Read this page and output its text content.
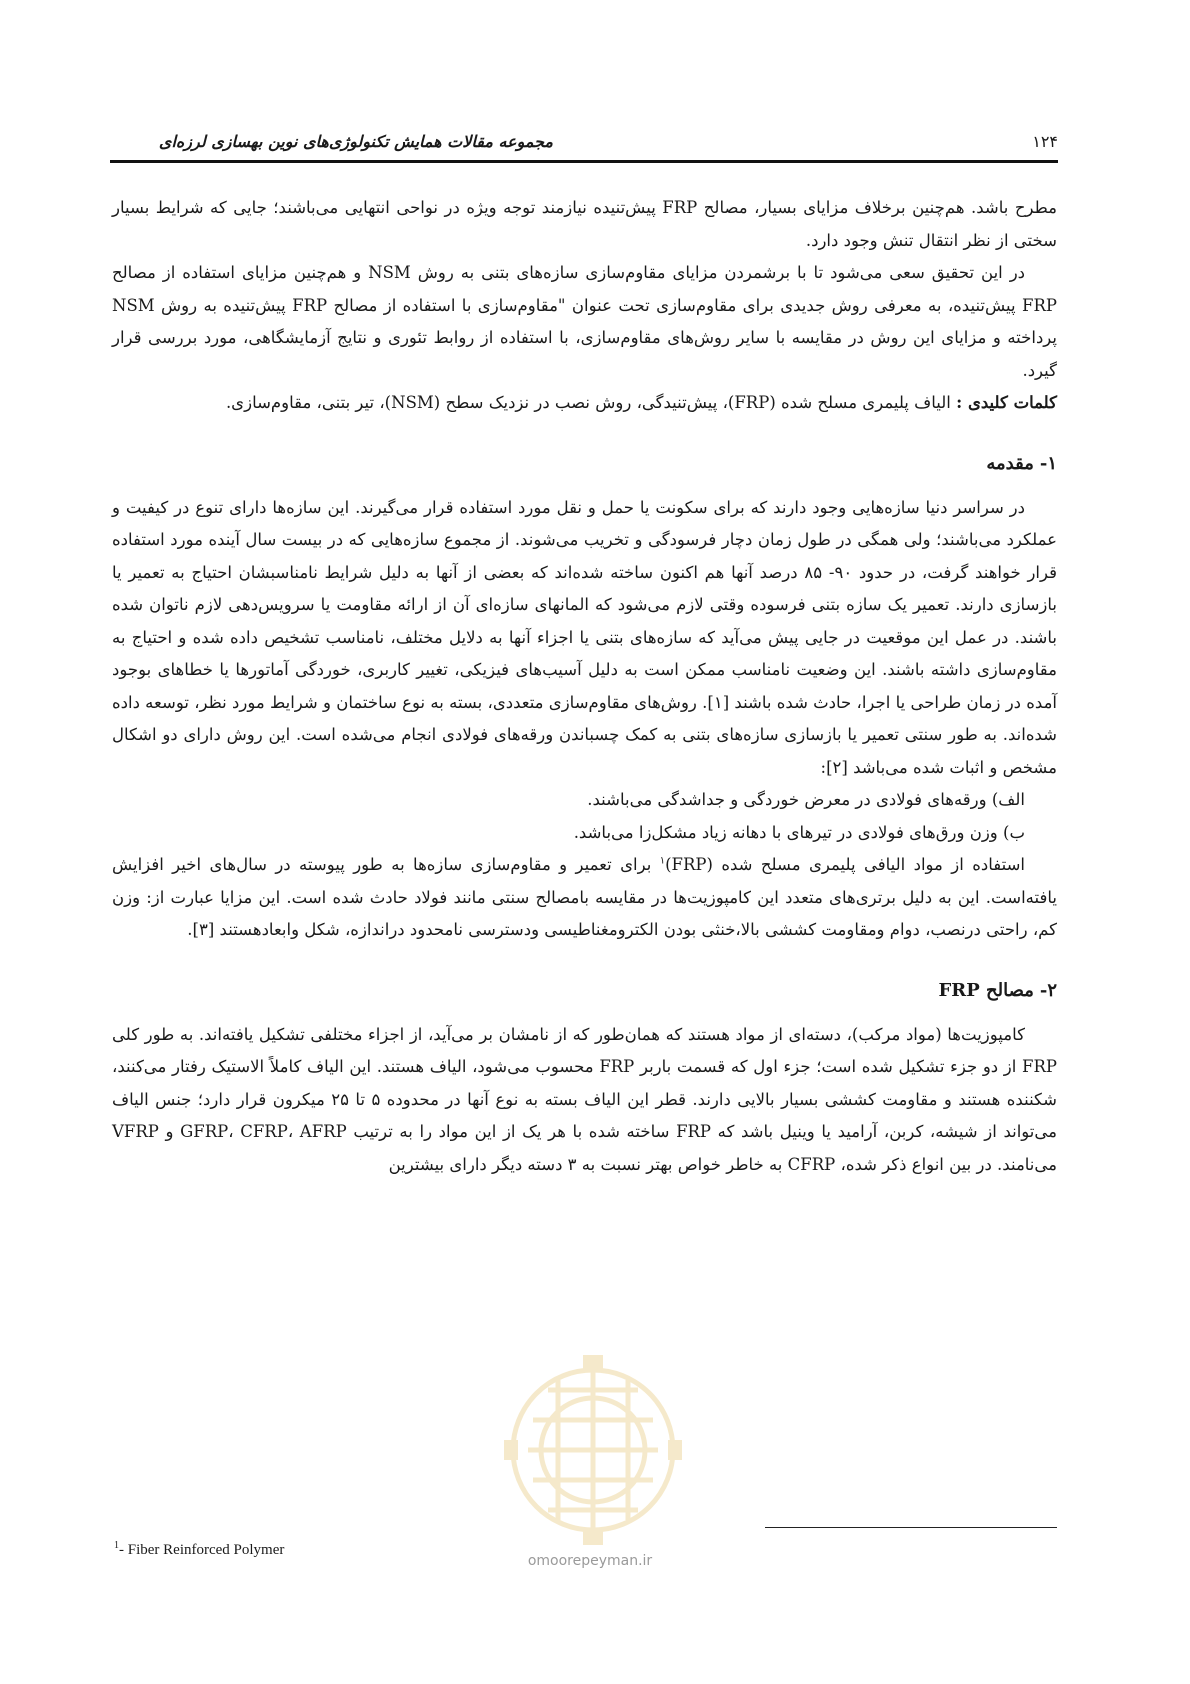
۱۲۴
مجموعه مقالات همایش تکنولوژی‌های نوین بهسازی لرزه‌ای

مطرح باشد. هم‌چنین برخلاف مزایای بسیار، مصالح FRP پیش‌تنیده نیازمند توجه ویژه در نواحی انتهایی می‌باشند؛ جایی که شرایط بسیار سختی از نظر انتقال تنش وجود دارد.

در این تحقیق سعی می‌شود تا با برشمردن مزایای مقاوم‌سازی سازه‌های بتنی به روش NSM و هم‌چنین مزایای استفاده از مصالح FRP پیش‌تنیده، به معرفی روش جدیدی برای مقاوم‌سازی تحت عنوان "مقاوم‌سازی با استفاده از مصالح FRP پیش‌تنیده به روش NSM پرداخته و مزایای این روش در مقایسه با سایر روش‌های مقاوم‌سازی، با استفاده از روابط تئوری و نتایج آزمایشگاهی، مورد بررسی قرار گیرد.

کلمات کلیدی : الیاف پلیمری مسلح شده (FRP)، پیش‌تنیدگی، روش نصب در نزدیک سطح (NSM)، تیر بتنی، مقاوم‌سازی.

۱-مقدمه

در سراسر دنیا سازه‌هایی وجود دارند که برای سکونت یا حمل و نقل مورد استفاده قرار می‌گیرند. این سازه‌ها دارای تنوع در کیفیت و عملکرد می‌باشند؛ ولی همگی در طول زمان دچار فرسودگی و تخریب می‌شوند. از مجموع سازه‌هایی که در بیست سال آینده مورد استفاده قرار خواهند گرفت، در حدود ۹۰- ۸۵ درصد آنها هم اکنون ساخته شده‌اند که بعضی از آنها به دلیل شرایط نامناسبشان احتیاج به تعمیر یا بازسازی دارند. تعمیر یک سازه بتنی فرسوده وقتی لازم می‌شود که المانهای سازه‌ای آن از ارائه مقاومت یا سرویس‌دهی لازم ناتوان شده باشند. در عمل این موقعیت در جایی پیش می‌آید که سازه‌های بتنی یا اجزاء آنها به دلایل مختلف، نامناسب تشخیص داده شده و احتیاج به مقاوم‌سازی داشته باشند. این وضعیت نامناسب ممکن است به دلیل آسیب‌های فیزیکی، تغییر کاربری، خوردگی آماتورها یا خطاهای بوجود آمده در زمان طراحی یا اجرا، حادث شده باشند [۱]. روش‌های مقاوم‌سازی متعددی، بسته به نوع ساختمان و شرایط مورد نظر، توسعه داده شده‌اند. به طور سنتی تعمیر یا بازسازی سازه‌های بتنی به کمک چسباندن ورقه‌های فولادی انجام می‌شده است. این روش دارای دو اشکال مشخص و اثبات شده می‌باشد [۲]:

الف) ورقه‌های فولادی در معرض خوردگی و جداشدگی می‌باشند.

ب) وزن ورق‌های فولادی در تیرهای با دهانه زیاد مشکل‌زا می‌باشد.

استفاده از مواد الیافی پلیمری مسلح شده (FRP)$^۱$ برای تعمیر و مقاوم‌سازی سازه‌ها به طور پیوسته در سال‌های اخیر افزایش یافته‌است. این به دلیل برتری‌های متعدد این کامپوزیت‌ها در مقایسه بامصالح سنتی مانند فولاد حادث شده است. این مزایا عبارت از: وزن کم، راحتی درنصب، دوام ومقاومت کششی بالا،خنثی بودن الکترومغناطیسی ودسترسی نامحدود دراندازه، شکل وابعادهستند [۳].

۲-مصالح FRP

کامپوزیت‌ها (مواد مرکب)، دسته‌ای از مواد هستند که همان‌طور که از نامشان بر می‌آید، از اجزاء مختلفی تشکیل یافته‌اند. به طور کلی FRP از دو جزء تشکیل شده است؛ جزء اول که قسمت باربر FRP محسوب می‌شود، الیاف هستند. این الیاف کاملاً الاستیک رفتار می‌کنند، شکننده هستند و مقاومت کششی بسیار بالایی دارند. قطر این الیاف بسته به نوع آنها در محدوده ۵ تا ۲۵ میکرون قرار دارد؛ جنس الیاف می‌تواند از شیشه، کربن، آرامید یا وینیل باشد که FRP ساخته شده با هر یک از این مواد را به ترتیب GFRP، CFRP، AFRP و VFRP می‌نامند. در بین انواع ذکر شده، CFRP به خاطر خواص بهتر نسبت به ۳ دسته دیگر دارای بیشترین

omoorepeyman.ir
$^1$- Fiber Reinforced Polymer
